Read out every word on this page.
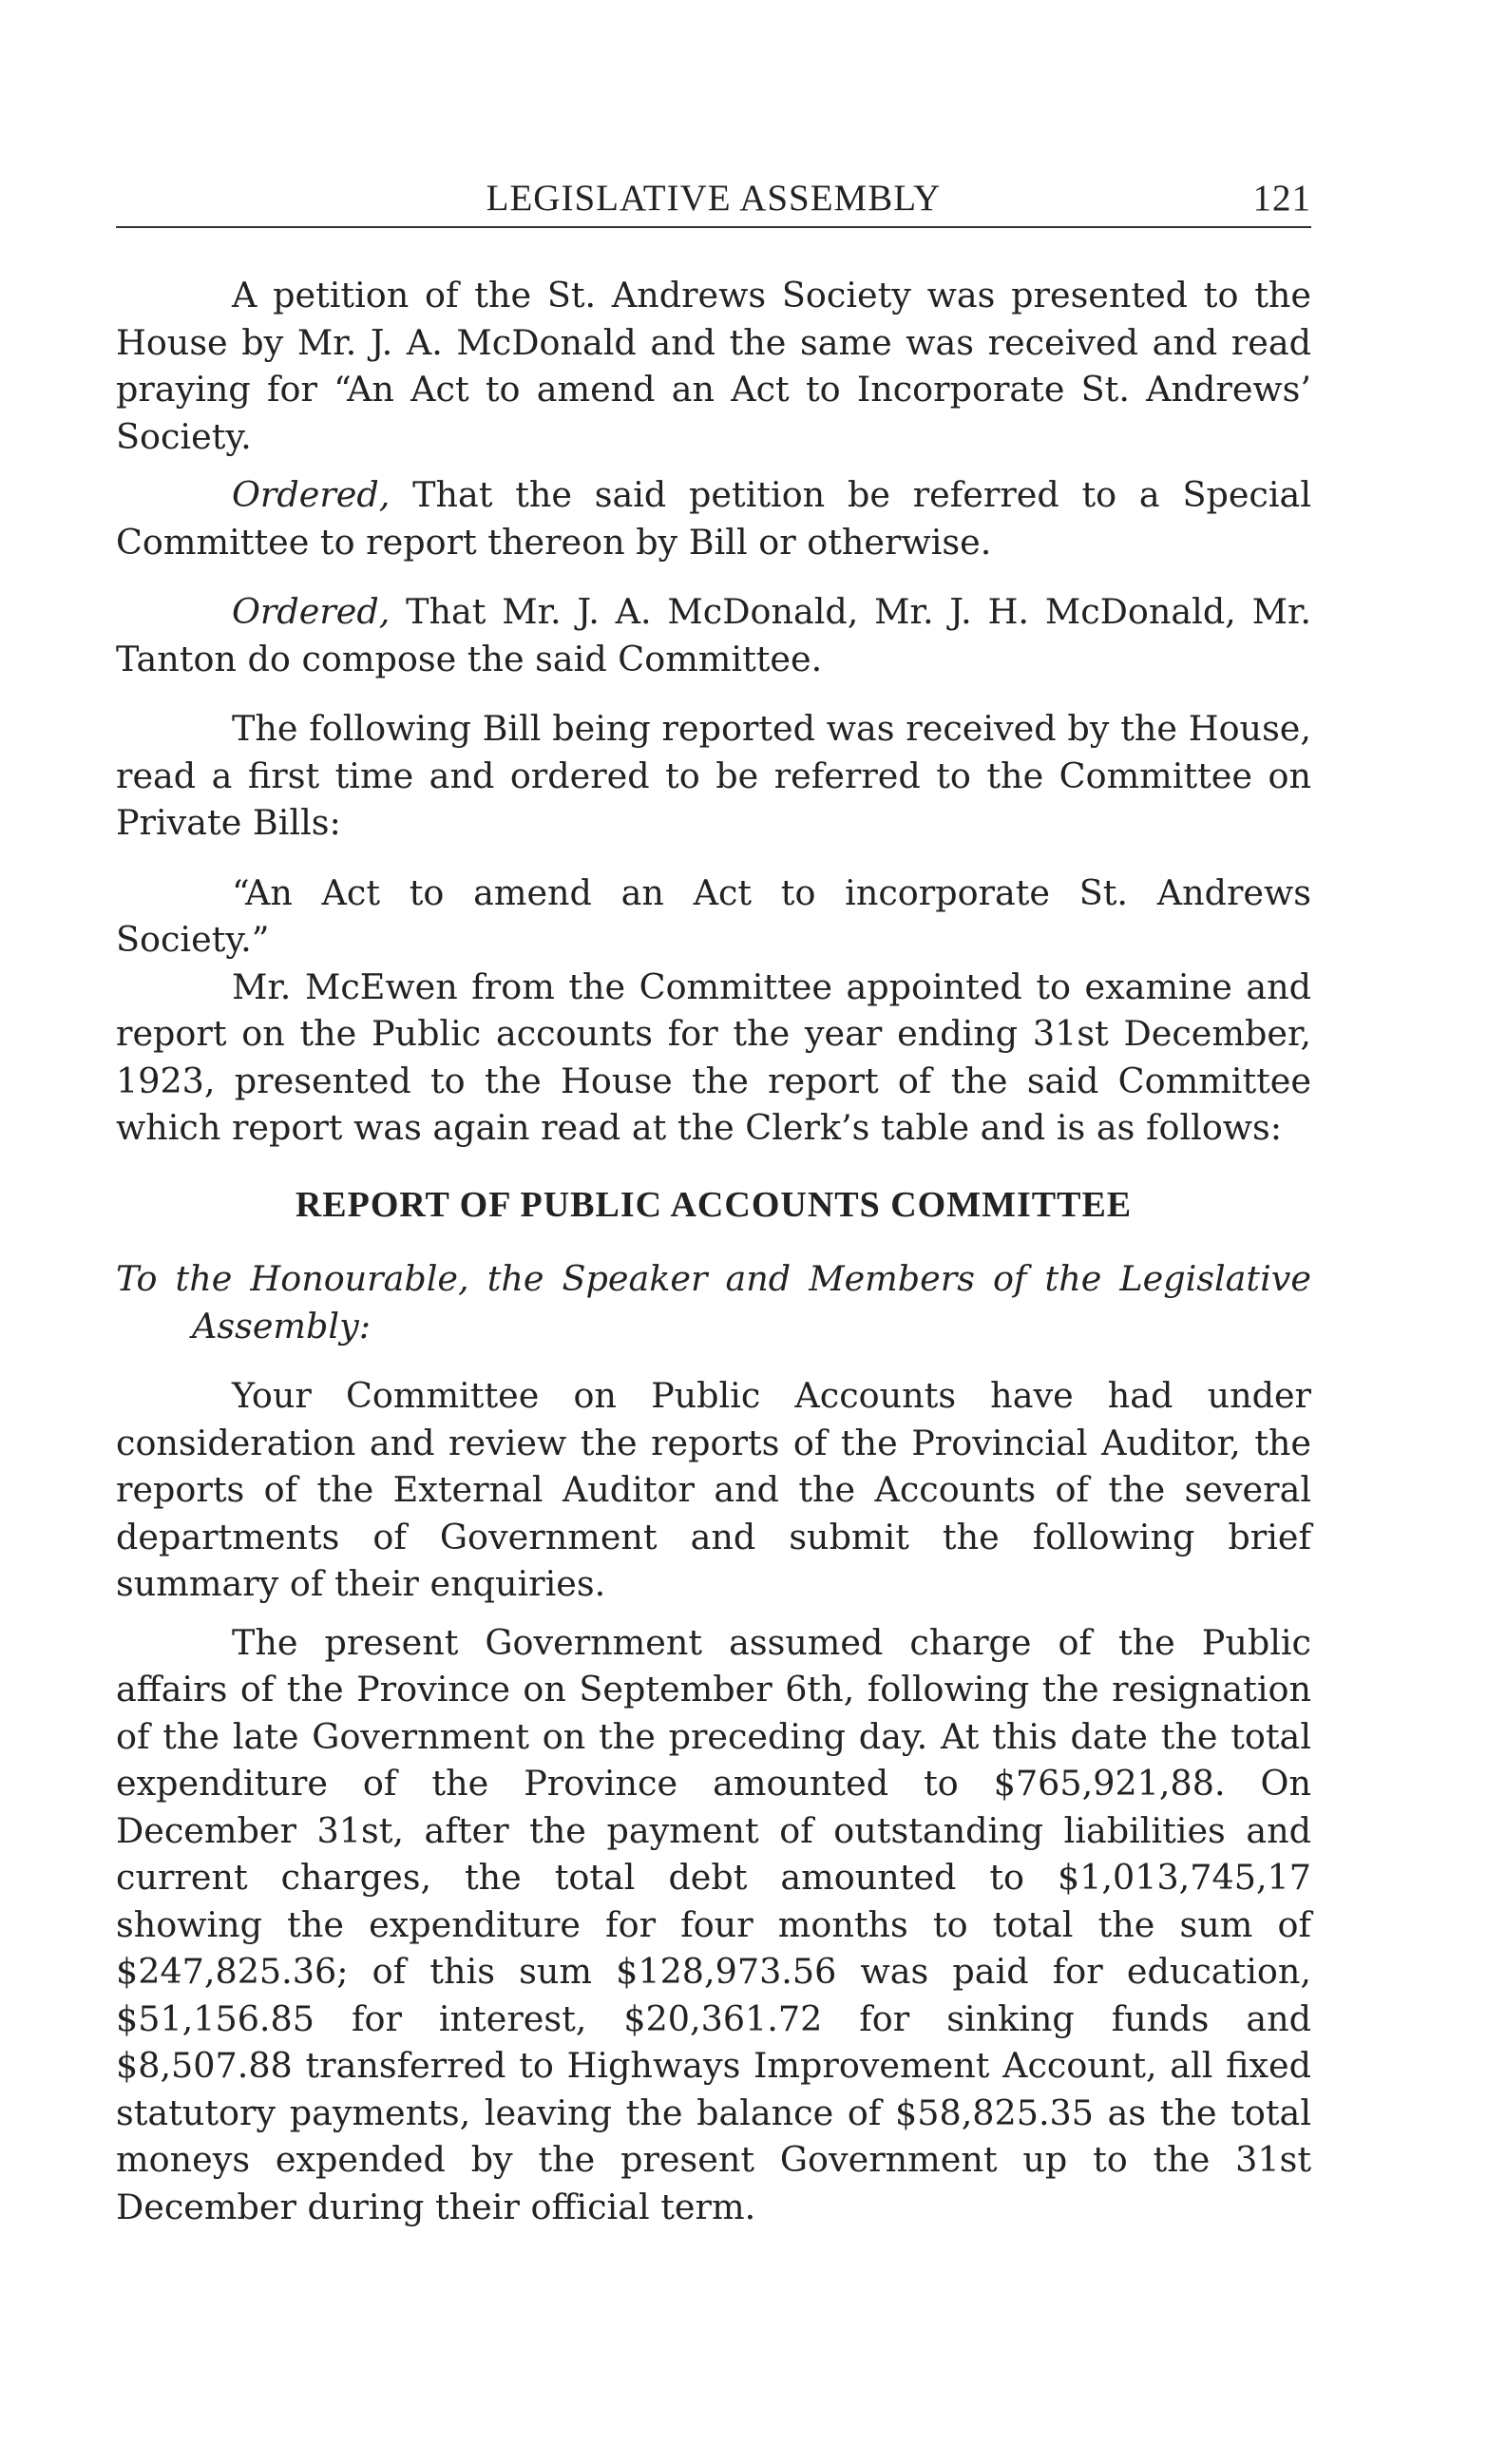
LEGISLATIVE ASSEMBLY	121

A petition of the St. Andrews Society was presented to the House by Mr. J. A. McDonald and the same was received and read praying for “An Act to amend an Act to Incorporate St. Andrews’ Society.

Ordered, That the said petition be referred to a Special Committee to report thereon by Bill or otherwise.

Ordered, That Mr. J. A. McDonald, Mr. J. H. McDonald, Mr. Tanton do compose the said Committee.

The following Bill being reported was received by the House, read a first time and ordered to be referred to the Committee on Private Bills:

“An Act to amend an Act to incorporate St. Andrews Society.”

Mr. McEwen from the Committee appointed to examine and report on the Public accounts for the year ending 31st December, 1923, presented to the House the report of the said Committee which report was again read at the Clerk’s table and is as follows:

REPORT OF PUBLIC ACCOUNTS COMMITTEE

To the Honourable, the Speaker and Members of the Legislative Assembly:

Your Committee on Public Accounts have had under consideration and review the reports of the Provincial Auditor, the reports of the External Auditor and the Accounts of the several departments of Government and submit the following brief summary of their enquiries.

The present Government assumed charge of the Public affairs of the Province on September 6th, following the resignation of the late Government on the preceding day. At this date the total expenditure of the Province amounted to $765,921,88. On December 31st, after the payment of outstanding liabilities and current charges, the total debt amounted to $1,013,745,17 showing the expenditure for four months to total the sum of $247,825.36; of this sum $128,973.56 was paid for education, $51,156.85 for interest, $20,361.72 for sinking funds and $8,507.88 transferred to Highways Improvement Account, all fixed statutory payments, leaving the balance of $58,825.35 as the total moneys expended by the present Government up to the 31st December during their official term.
